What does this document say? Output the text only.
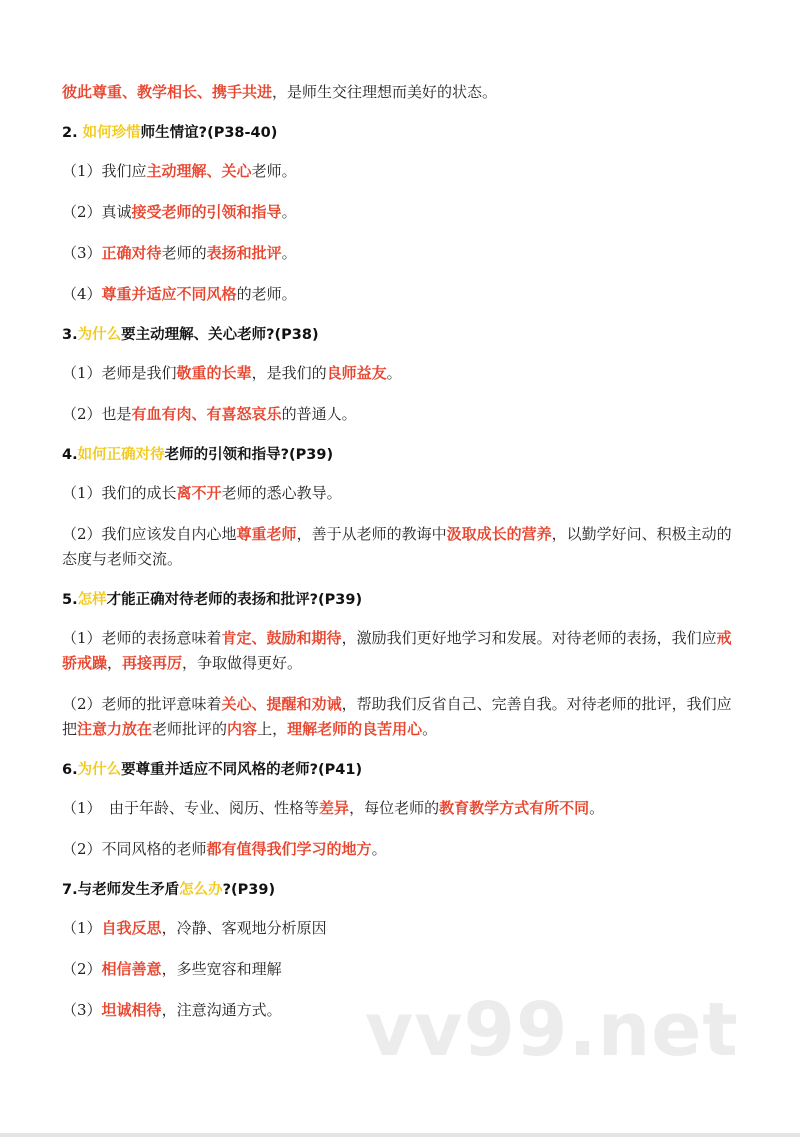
彼此尊重、教学相长、携手共进，是师生交往理想而美好的状态。

2. 如何珍惜师生情谊?(P38-40)

（1）我们应主动理解、关心老师。

（2）真诚接受老师的引领和指导。

（3）正确对待老师的表扬和批评。

（4）尊重并适应不同风格的老师。

3.为什么要主动理解、关心老师?(P38)

（1）老师是我们敬重的长辈，是我们的良师益友。

（2）也是有血有肉、有喜怒哀乐的普通人。

4.如何正确对待老师的引领和指导?(P39)

（1）我们的成长离不开老师的悉心教导。

（2）我们应该发自内心地尊重老师，善于从老师的教诲中汲取成长的营养，以勤学好问、积极主动的态度与老师交流。

5.怎样才能正确对待老师的表扬和批评?(P39)

（1）老师的表扬意味着肯定、鼓励和期待，激励我们更好地学习和发展。对待老师的表扬，我们应戒骄戒躁，再接再厉，争取做得更好。

（2）老师的批评意味着关心、提醒和劝诫，帮助我们反省自己、完善自我。对待老师的批评，我们应把注意力放在老师批评的内容上，理解老师的良苦用心。

6.为什么要尊重并适应不同风格的老师?(P41)

（1）　由于年龄、专业、阅历、性格等差异，每位老师的教育教学方式有所不同。

（2）不同风格的老师都有值得我们学习的地方。

7.与老师发生矛盾怎么办?(P39)

（1）自我反思，冷静、客观地分析原因

（2）相信善意，多些宽容和理解

（3）坦诚相待，注意沟通方式。	vv99.net
